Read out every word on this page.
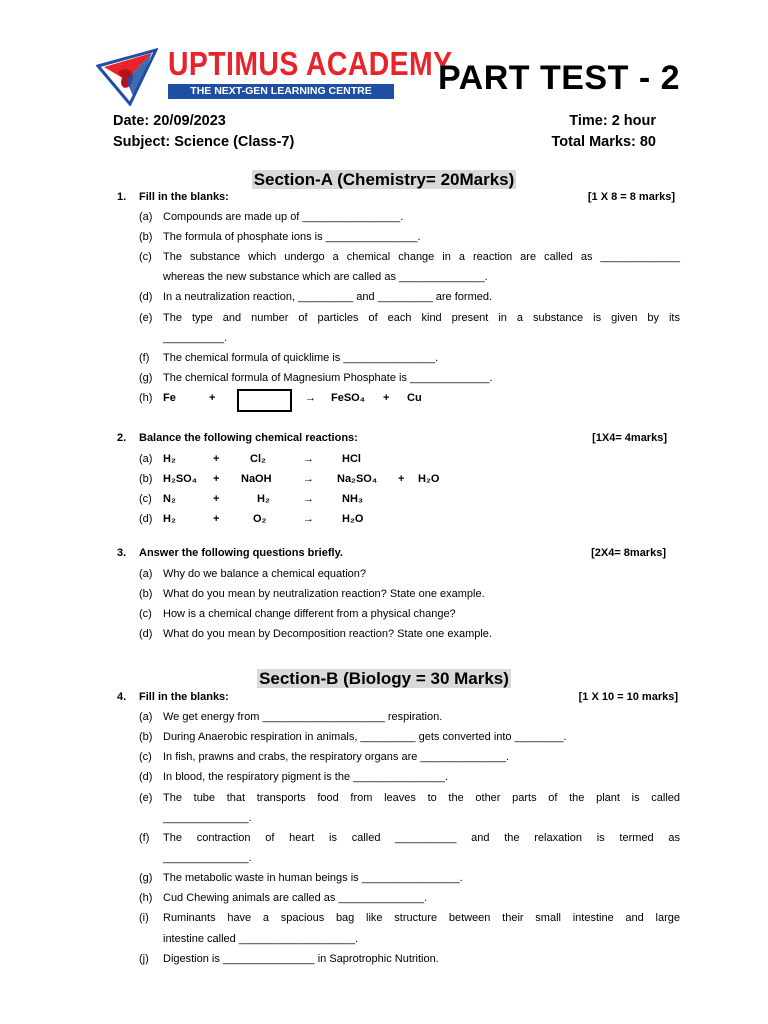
UPTIMUS ACADEMY
THE NEXT-GEN LEARNING CENTRE	PART TEST - 2
Date: 20/09/2023	Time: 2 hour
Subject: Science (Class-7)	Total Marks: 80
Section-A (Chemistry= 20Marks)
1. Fill in the blanks:	[1 X 8 = 8 marks]
(a) Compounds are made up of ________________.
(b) The formula of phosphate ions is _______________.
(c) The substance which undergo a chemical change in a reaction are called as _____________
whereas the new substance which are called as ______________.
(d) In a neutralization reaction, _________ and _________ are formed.
(e) The type and number of particles of each kind present in a substance is given by its
__________.
(f) The chemical formula of quicklime is _______________.
(g) The chemical formula of Magnesium Phosphate is _____________.
(h) Fe	+	→ FeSO₄ + Cu
2. Balance the following chemical reactions:	[1X4= 4marks]
(a) H₂	+	Cl₂	→	HCl
(b) H₂SO₄ + NaOH	→ Na₂SO₄ + H₂O
(c) N₂	+	H₂	→	NH₃
(d) H₂	+	O₂	→	H₂O
3. Answer the following questions briefly.	[2X4= 8marks]
(a) Why do we balance a chemical equation?
(b) What do you mean by neutralization reaction? State one example.
(c) How is a chemical change different from a physical change?
(d) What do you mean by Decomposition reaction? State one example.
Section-B (Biology = 30 Marks)
4. Fill in the blanks:	[1 X 10 = 10 marks]
(a) We get energy from ____________________ respiration.
(b) During Anaerobic respiration in animals, _________ gets converted into ________.
(c) In fish, prawns and crabs, the respiratory organs are ______________.
(d) In blood, the respiratory pigment is the _______________.
(e) The tube that transports food from leaves to the other parts of the plant is called
______________.
(f) The contraction of heart is called __________ and the relaxation is termed as
______________.
(g) The metabolic waste in human beings is ________________.
(h) Cud Chewing animals are called as ______________.
(i) Ruminants have a spacious bag like structure between their small intestine and large
intestine called ___________________.
(j) Digestion is _______________ in Saprotrophic Nutrition.
